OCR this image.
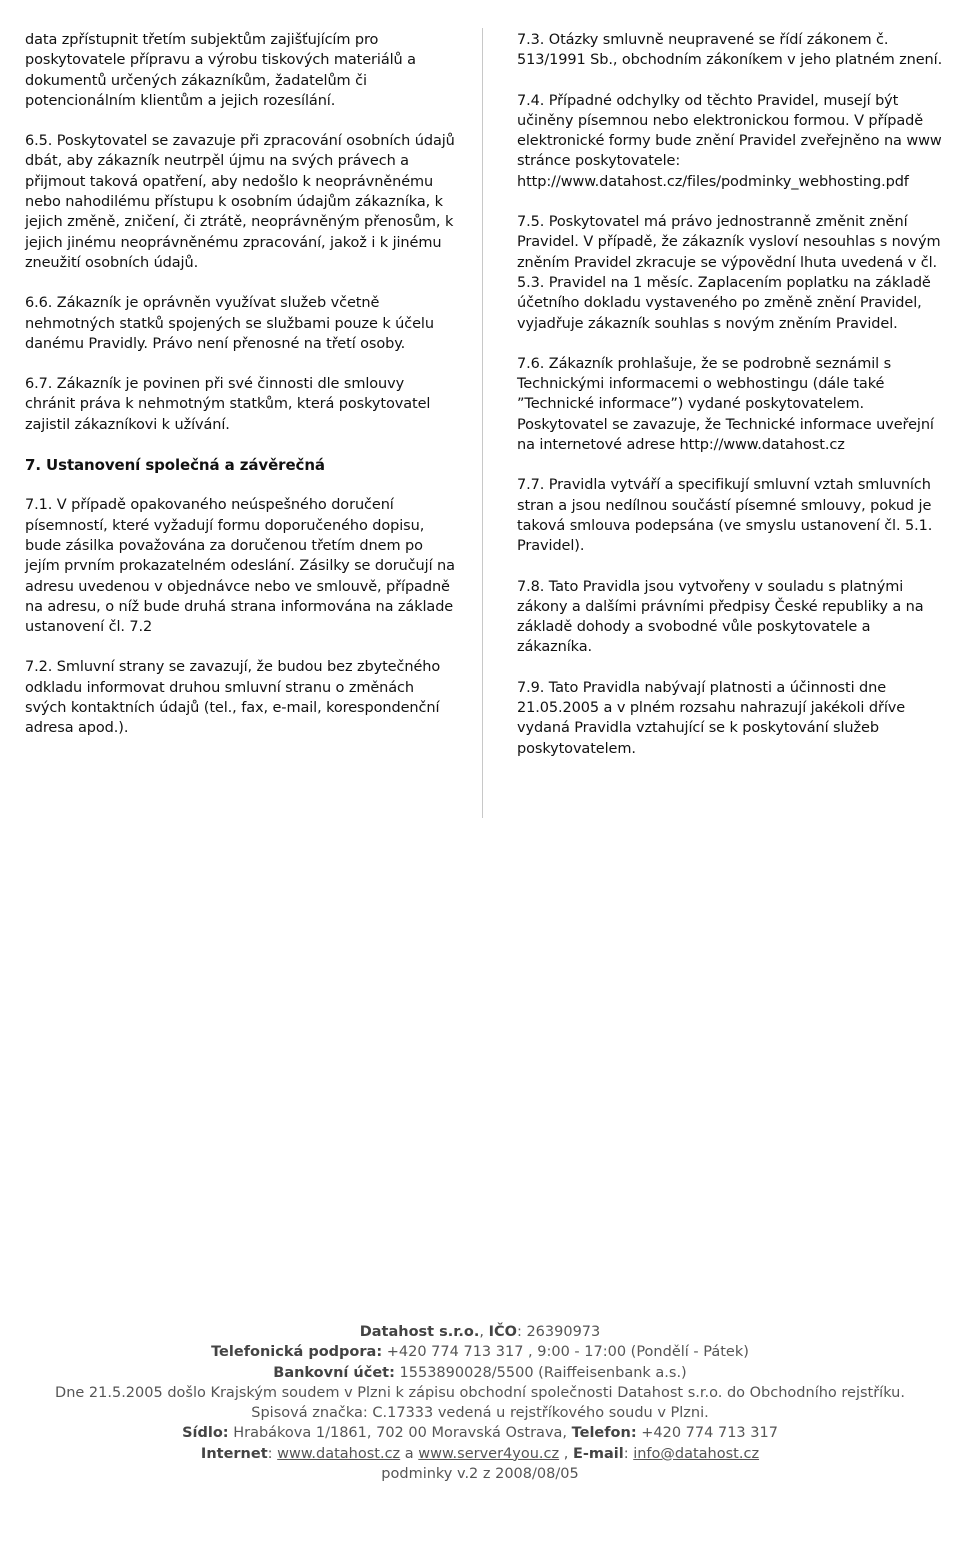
data zpřístupnit třetím subjektům zajišťujícím pro poskytovatele přípravu a výrobu tiskových materiálů a dokumentů určených zákazníkům, žadatelům či potencionálním klientům a jejich rozesílání.

6.5. Poskytovatel se zavazuje při zpracování osobních údajů dbát, aby zákazník neutrpěl újmu na svých právech a přijmout taková opatření, aby nedošlo k neoprávněnému nebo nahodilému přístupu k osobním údajům zákazníka, k jejich změně, zničení, či ztrátě, neoprávněným přenosům, k jejich jinému neoprávněnému zpracování, jakož i k jinému zneužití osobních údajů.

6.6. Zákazník je oprávněn využívat služeb včetně nehmotných statků spojených se službami pouze k účelu danému Pravidly. Právo není přenosné na třetí osoby.

6.7. Zákazník je povinen při své činnosti dle smlouvy chránit práva k nehmotným statkům, která poskytovatel zajistil zákazníkovi k užívání.

7. Ustanovení společná a závěrečná

7.1. V případě opakovaného neúspešného doručení písemností, které vyžadují formu doporučeného dopisu, bude zásilka považována za doručenou třetím dnem po jejím prvním prokazatelném odeslání. Zásilky se doručují na adresu uvedenou v objednávce nebo ve smlouvě, případně na adresu, o níž bude druhá strana informována na základe ustanovení čl. 7.2

7.2. Smluvní strany se zavazují, že budou bez zbytečného odkladu informovat druhou smluvní stranu o změnách svých kontaktních údajů (tel., fax, e-mail, korespondenční adresa apod.).

7.3. Otázky smluvně neupravené se řídí zákonem č. 513/1991 Sb., obchodním zákoníkem v jeho platném znení.

7.4. Případné odchylky od těchto Pravidel, musejí být učiněny písemnou nebo elektronickou formou. V případě elektronické formy bude znění Pravidel zveřejněno na www stránce poskytovatele: http://www.datahost.cz/files/podminky_webhosting.pdf

7.5. Poskytovatel má právo jednostranně změnit znění Pravidel. V případě, že zákazník vysloví nesouhlas s novým zněním Pravidel zkracuje se výpovědní lhuta uvedená v čl. 5.3. Pravidel na 1 měsíc. Zaplacením poplatku na základě účetního dokladu vystaveného po změně znění Pravidel, vyjadřuje zákazník souhlas s novým zněním Pravidel.

7.6. Zákazník prohlašuje, že se podrobně seznámil s Technickými informacemi o webhostingu (dále také ”Technické informace”) vydané poskytovatelem. Poskytovatel se zavazuje, že Technické informace uveřejní na internetové adrese http://www.datahost.cz

7.7. Pravidla vytváří a specifikují smluvní vztah smluvních stran a jsou nedílnou součástí písemné smlouvy, pokud je taková smlouva podepsána (ve smyslu ustanovení čl. 5.1. Pravidel).

7.8. Tato Pravidla jsou vytvořeny v souladu s platnými zákony a dalšími právními předpisy České republiky a na základě dohody a svobodné vůle poskytovatele a zákazníka.

7.9. Tato Pravidla nabývají platnosti a účinnosti dne 21.05.2005 a v plném rozsahu nahrazují jakékoli dříve vydaná Pravidla vztahující se k poskytování služeb poskytovatelem.

Datahost s.r.o., IČO: 26390973
Telefonická podpora: +420 774 713 317 , 9:00 - 17:00 (Pondělí - Pátek)
Bankovní účet: 1553890028/5500 (Raiffeisenbank a.s.)
Dne 21.5.2005 došlo Krajským soudem v Plzni k zápisu obchodní společnosti Datahost s.r.o. do Obchodního rejstříku.
Spisová značka: C.17333 vedená u rejstříkového soudu v Plzni.
Sídlo: Hrabákova 1/1861, 702 00 Moravská Ostrava, Telefon: +420 774 713 317
Internet: www.datahost.cz a www.server4you.cz , E-mail: info@datahost.cz
podminky v.2 z 2008/08/05
